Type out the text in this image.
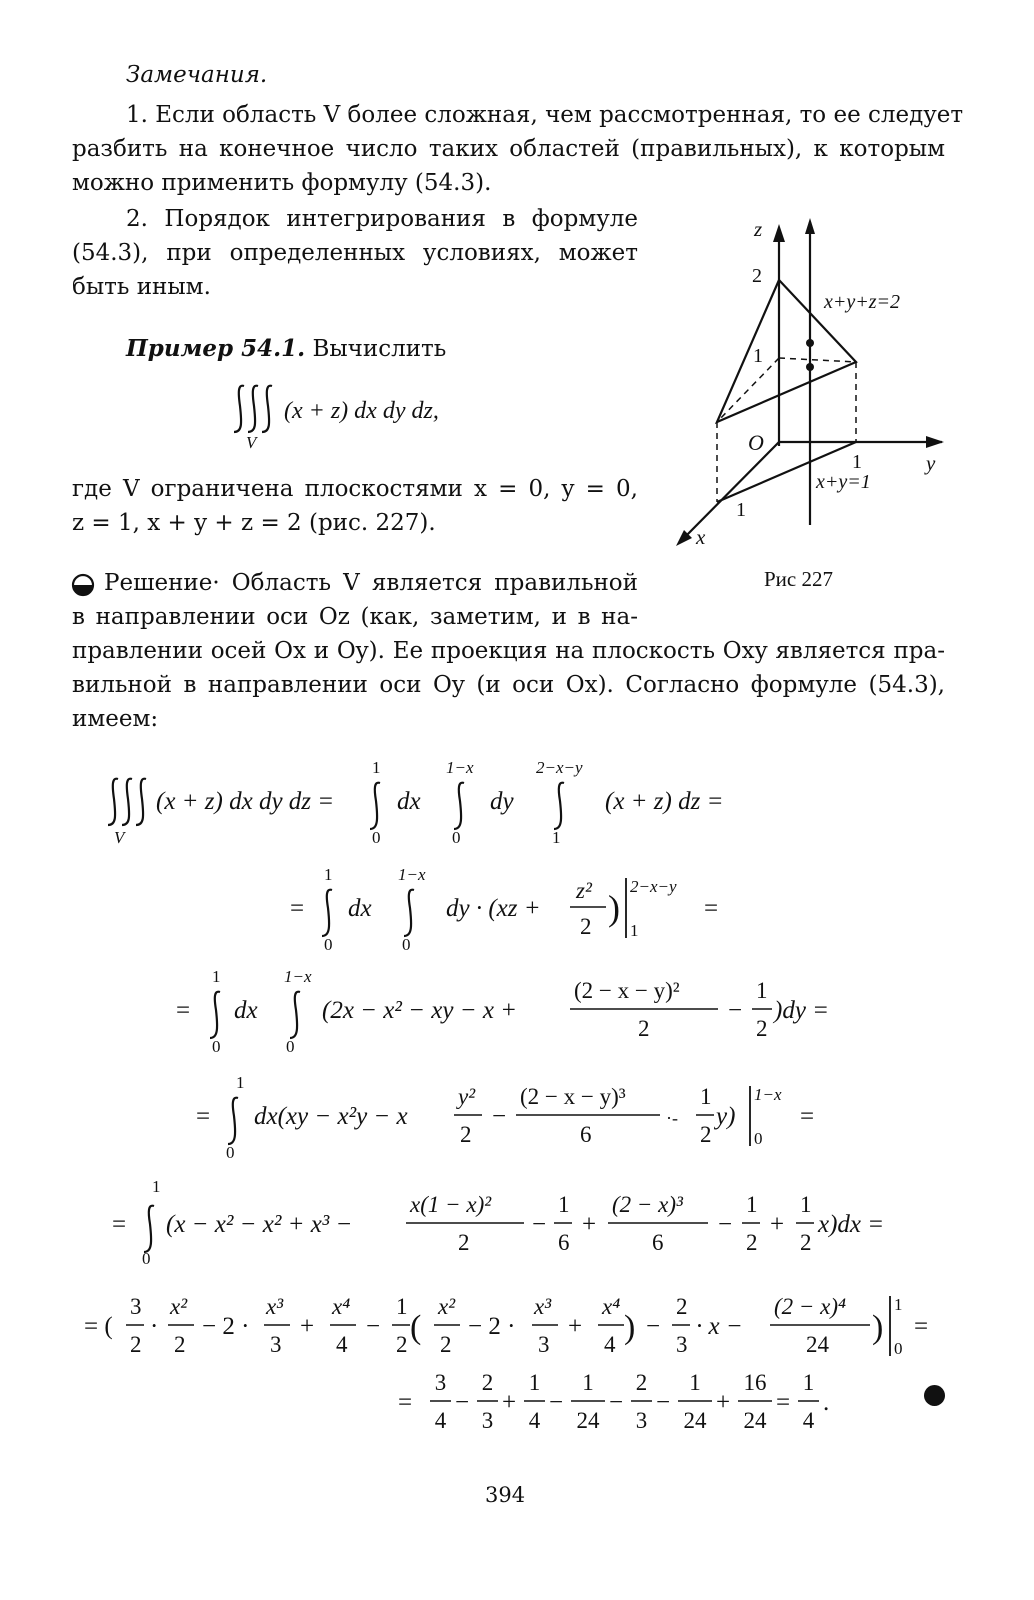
Замечания.
1. Если область V более сложная, чем рассмотренная, то ее следует
разбить на конечное число таких областей (правильных), к которым
можно применить формулу (54.3).
2. Порядок интегрирования в формуле
(54.3), при определенных условиях, может
быть иным.
Пример 54.1. Вычислить
(x + z) dx dy dz,
V
где V ограничена плоскостями x = 0, y = 0,
z = 1, x + y + z = 2 (рис. 227).
z
2
1
x+y+z=2
O
1	y
x+y=1
1
x
Рис 227
Решение· Область V является правильной
в направлении оси Oz (как, заметим, и в на-
правлении осей Ox и Oy). Ее проекция на плоскость Oxy является пра-
вильной в направлении оси Oy (и оси Ox). Согласно формуле (54.3),
имеем:
(x + z) dx dy dz =
V
1
0
dx
1−x
0
dy
2−x−y
1
(x + z) dz =
=
1
0
dx
1−x
0
dy · (xz +
z²
2 )
2−x−y
1
=
=
1
0
dx
1−x
0
(2x − x² − xy − x +
(2 − x − y)²
2
−
1
2
)dy =
=
1
0
dx(xy − x²y − x
y²
2
−
(2 − x − y)³
6
·-
1
2
y)
1−x
0
=
=
1
0
(x − x² − x² + x³ −
x(1 − x)²
2
−
1
6
+
(2 − x)³
6
−
1
2
+
1
2
x)dx =
= (
3
2
·
x²
2
− 2 ·
x³
3
+
x⁴
4
−
1
2 (
x²
2
− 2 ·
x³
3
+
x⁴
4 ) −
2
3
· x −
(2 − x)⁴
24 )
1
0
=
=
3
4
−
2
3
+
1
4
−
1
24
−
2
3
−
1
24
+
16
24
=
1
4
.
394
